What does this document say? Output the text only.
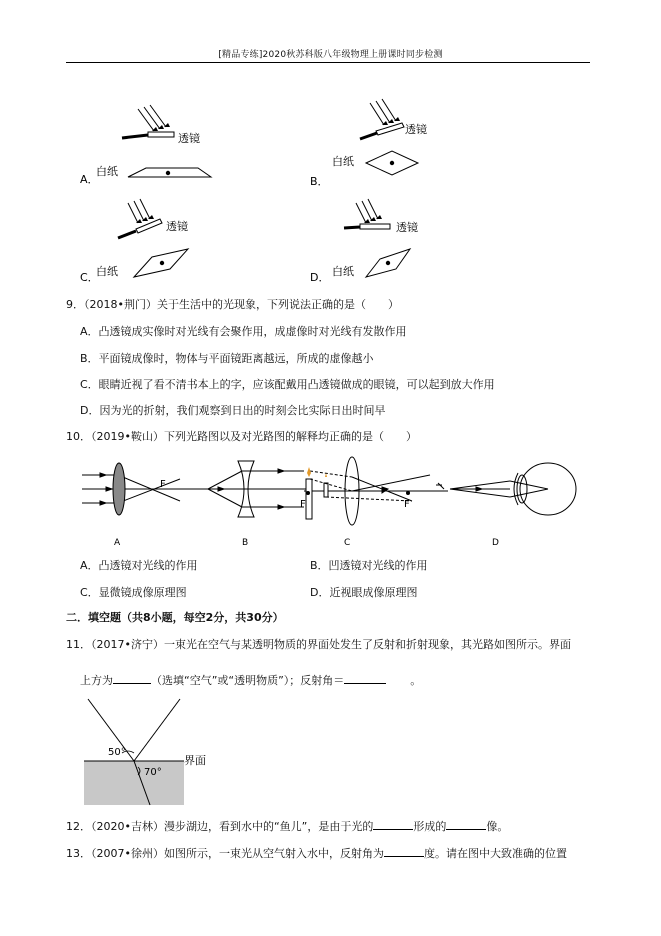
[精品专练]2020秋苏科版八年级物理上册课时同步检测
透镜
白纸
A．
透镜
白纸
B．
透镜
白纸
C．
透镜
白纸
D．
9．（2018•荆门）关于生活中的光现象，下列说法正确的是（　　）
A．凸透镜成实像时对光线有会聚作用，成虚像时对光线有发散作用
B．平面镜成像时，物体与平面镜距离越远，所成的虚像越小
C．眼睛近视了看不清书本上的字，应该配戴用凸透镜做成的眼镜，可以起到放大作用
D．因为光的折射，我们观察到日出的时刻会比实际日出时间早
10．（2019•鞍山）下列光路图以及对光路图的解释均正确的是（　　）
F
A	B
F	F
C	D
A．凸透镜对光线的作用	B．凹透镜对光线的作用
C．显微镜成像原理图	D．近视眼成像原理图
二．填空题（共8小题，每空2分，共30分）
11．（2017•济宁）一束光在空气与某透明物质的界面处发生了反射和折射现象，其光路如图所示。界面
上方为	（选填“空气”或“透明物质”）；反射角＝	。
50°
70°
界面
12．（2020•吉林）漫步湖边，看到水中的“鱼儿”，是由于光的	形成的	像。
13．（2007•徐州）如图所示，一束光从空气射入水中，反射角为	度。请在图中大致准确的位置
